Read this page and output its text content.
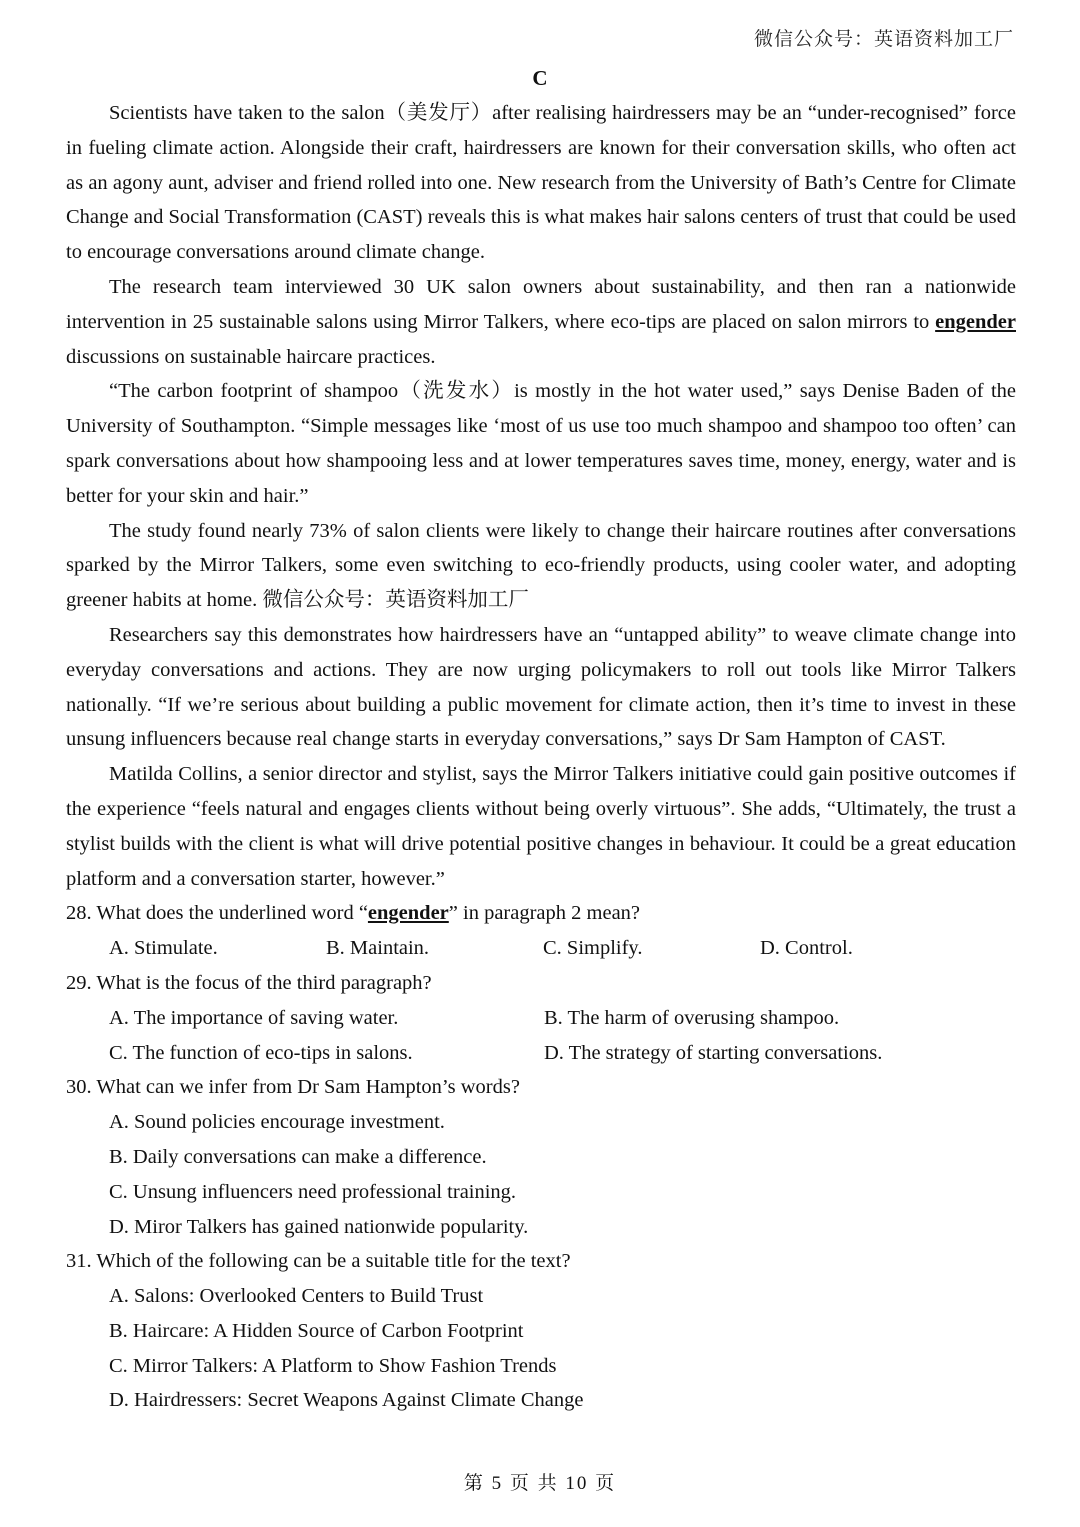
微信公众号：英语资料加工厂
C

Scientists have taken to the salon（美发厅）after realising hairdressers may be an “under-recognised” force in fueling climate action. Alongside their craft, hairdressers are known for their conversation skills, who often act as an agony aunt, adviser and friend rolled into one. New research from the University of Bath’s Centre for Climate Change and Social Transformation (CAST) reveals this is what makes hair salons centers of trust that could be used to encourage conversations around climate change.

The research team interviewed 30 UK salon owners about sustainability, and then ran a nationwide intervention in 25 sustainable salons using Mirror Talkers, where eco-tips are placed on salon mirrors to engender discussions on sustainable haircare practices.

“The carbon footprint of shampoo（洗发水）is mostly in the hot water used,” says Denise Baden of the University of Southampton. “Simple messages like ‘most of us use too much shampoo and shampoo too often’ can spark conversations about how shampooing less and at lower temperatures saves time, money, energy, water and is better for your skin and hair.”

The study found nearly 73% of salon clients were likely to change their haircare routines after conversations sparked by the Mirror Talkers, some even switching to eco-friendly products, using cooler water, and adopting greener habits at home. 微信公众号：英语资料加工厂

Researchers say this demonstrates how hairdressers have an “untapped ability” to weave climate change into everyday conversations and actions. They are now urging policymakers to roll out tools like Mirror Talkers nationally. “If we’re serious about building a public movement for climate action, then it’s time to invest in these unsung influencers because real change starts in everyday conversations,” says Dr Sam Hampton of CAST.

Matilda Collins, a senior director and stylist, says the Mirror Talkers initiative could gain positive outcomes if the experience “feels natural and engages clients without being overly virtuous”. She adds, “Ultimately, the trust a stylist builds with the client is what will drive potential positive changes in behaviour. It could be a great education platform and a conversation starter, however.”

28. What does the underlined word “engender” in paragraph 2 mean?

A. Stimulate.	B. Maintain.	C. Simplify.	D. Control.

29. What is the focus of the third paragraph?

A. The importance of saving water.	B. The harm of overusing shampoo.
C. The function of eco-tips in salons.	D. The strategy of starting conversations.

30. What can we infer from Dr Sam Hampton’s words?

A. Sound policies encourage investment.
B. Daily conversations can make a difference.
C. Unsung influencers need professional training.
D. Miror Talkers has gained nationwide popularity.

31. Which of the following can be a suitable title for the text?

A. Salons: Overlooked Centers to Build Trust
B. Haircare: A Hidden Source of Carbon Footprint
C. Mirror Talkers: A Platform to Show Fashion Trends
D. Hairdressers: Secret Weapons Against Climate Change
第 5 页 共 10 页
